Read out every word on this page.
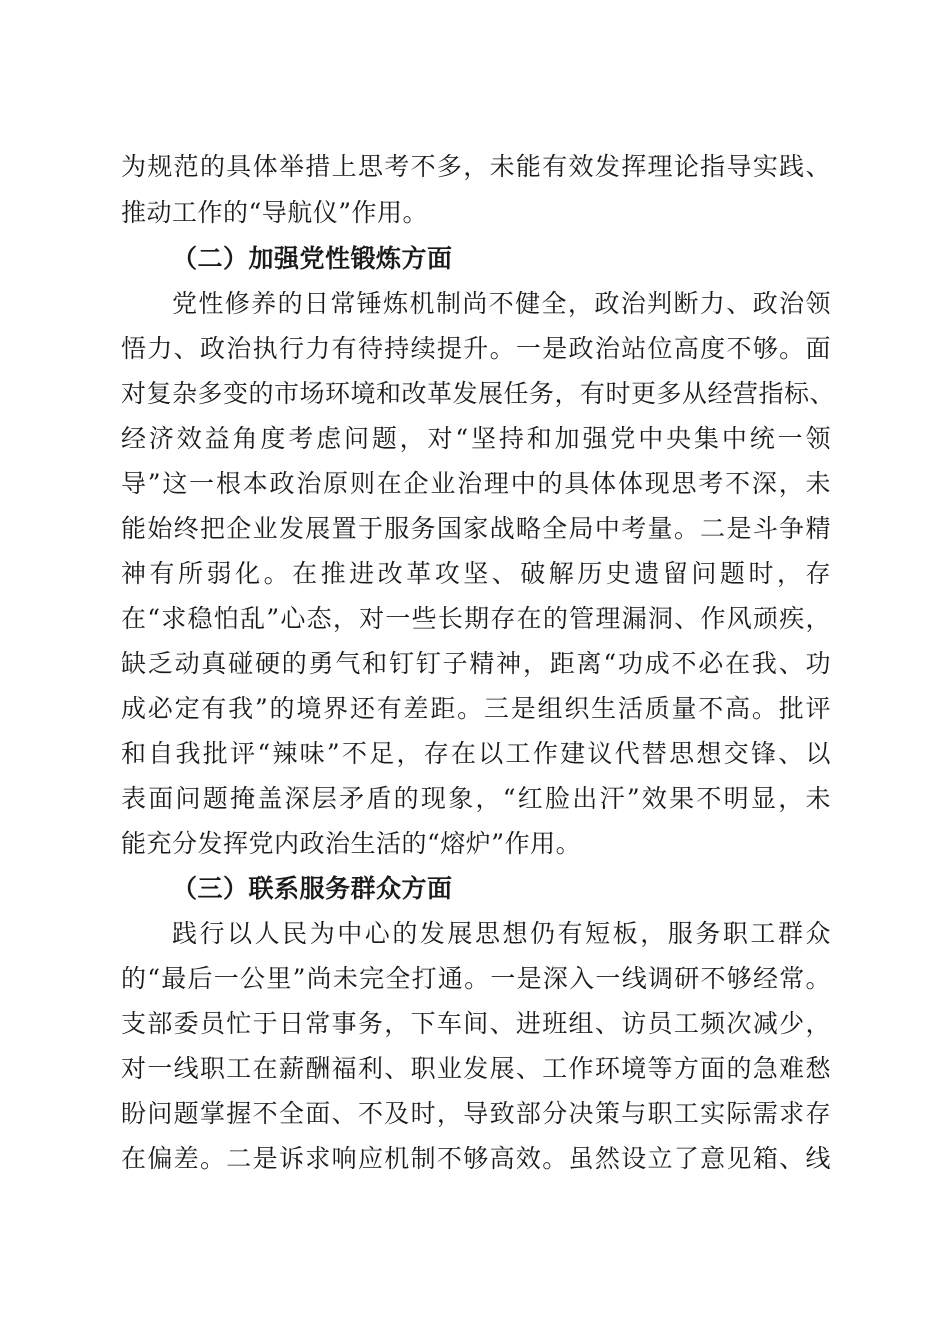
为规范的具体举措上思考不多，未能有效发挥理论指导实践、
推动工作的“导航仪”作用。
（二）加强党性锻炼方面
党性修养的日常锤炼机制尚不健全，政治判断力、政治领
悟力、政治执行力有待持续提升。一是政治站位高度不够。面
对复杂多变的市场环境和改革发展任务，有时更多从经营指标、
经济效益角度考虑问题，对“坚持和加强党中央集中统一领
导”这一根本政治原则在企业治理中的具体体现思考不深，未
能始终把企业发展置于服务国家战略全局中考量。二是斗争精
神有所弱化。在推进改革攻坚、破解历史遗留问题时，存
在“求稳怕乱”心态，对一些长期存在的管理漏洞、作风顽疾，
缺乏动真碰硬的勇气和钉钉子精神，距离“功成不必在我、功
成必定有我”的境界还有差距。三是组织生活质量不高。批评
和自我批评“辣味”不足，存在以工作建议代替思想交锋、以
表面问题掩盖深层矛盾的现象，“红脸出汗”效果不明显，未
能充分发挥党内政治生活的“熔炉”作用。
（三）联系服务群众方面
践行以人民为中心的发展思想仍有短板，服务职工群众
的“最后一公里”尚未完全打通。一是深入一线调研不够经常。
支部委员忙于日常事务，下车间、进班组、访员工频次减少，
对一线职工在薪酬福利、职业发展、工作环境等方面的急难愁
盼问题掌握不全面、不及时，导致部分决策与职工实际需求存
在偏差。二是诉求响应机制不够高效。虽然设立了意见箱、线
